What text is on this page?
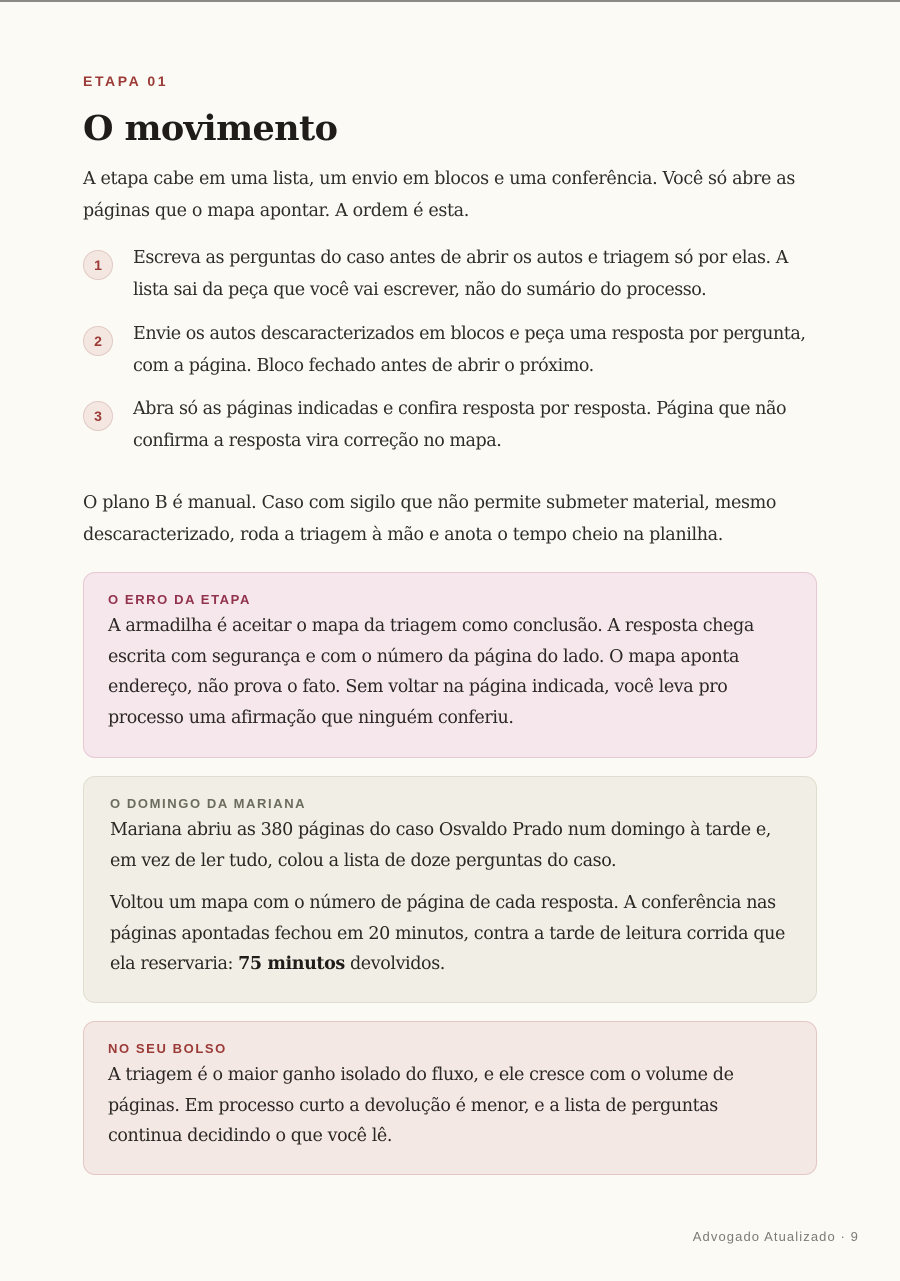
ETAPA 01
O movimento

A etapa cabe em uma lista, um envio em blocos e uma conferência. Você só abre as páginas que o mapa apontar. A ordem é esta.

1	Escreva as perguntas do caso antes de abrir os autos e triagem só por elas. A lista sai da peça que você vai escrever, não do sumário do processo.

2	Envie os autos descaracterizados em blocos e peça uma resposta por pergunta, com a página. Bloco fechado antes de abrir o próximo.

3	Abra só as páginas indicadas e confira resposta por resposta. Página que não confirma a resposta vira correção no mapa.

O plano B é manual. Caso com sigilo que não permite submeter material, mesmo descaracterizado, roda a triagem à mão e anota o tempo cheio na planilha.

O ERRO DA ETAPA

A armadilha é aceitar o mapa da triagem como conclusão. A resposta chega escrita com segurança e com o número da página do lado. O mapa aponta endereço, não prova o fato. Sem voltar na página indicada, você leva pro processo uma afirmação que ninguém conferiu.

O DOMINGO DA MARIANA

Mariana abriu as 380 páginas do caso Osvaldo Prado num domingo à tarde e, em vez de ler tudo, colou a lista de doze perguntas do caso.

Voltou um mapa com o número de página de cada resposta. A conferência nas páginas apontadas fechou em 20 minutos, contra a tarde de leitura corrida que ela reservaria: 75 minutos devolvidos.

NO SEU BOLSO

A triagem é o maior ganho isolado do fluxo, e ele cresce com o volume de páginas. Em processo curto a devolução é menor, e a lista de perguntas continua decidindo o que você lê.

Advogado Atualizado · 9
